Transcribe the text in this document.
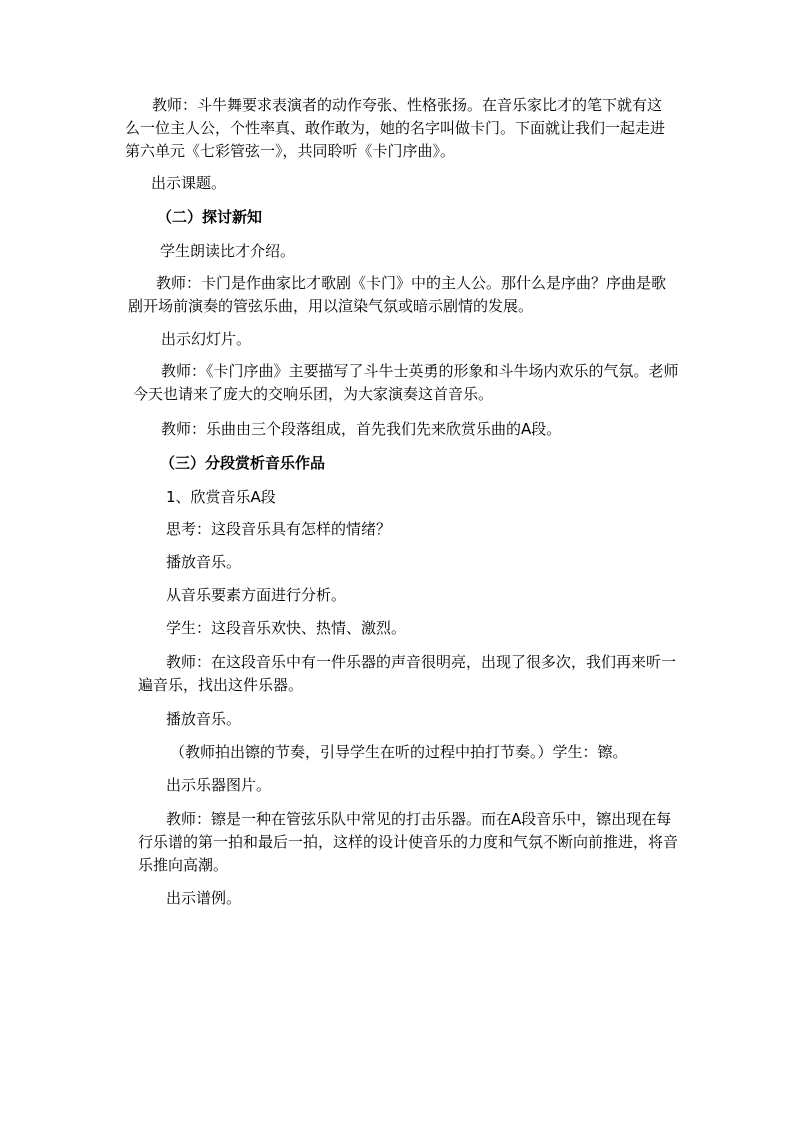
教师：斗牛舞要求表演者的动作夸张、性格张扬。在音乐家比才的笔下就有这么一位主人公，个性率真、敢作敢为，她的名字叫做卡门。下面就让我们一起走进第六单元《七彩管弦一》，共同聆听《卡门序曲》。

出示课题。

（二）探讨新知

学生朗读比才介绍。

教师：卡门是作曲家比才歌剧《卡门》中的主人公。那什么是序曲？序曲是歌剧开场前演奏的管弦乐曲，用以渲染气氛或暗示剧情的发展。

出示幻灯片。

教师：《卡门序曲》主要描写了斗牛士英勇的形象和斗牛场内欢乐的气氛。老师今天也请来了庞大的交响乐团，为大家演奏这首音乐。

教师：乐曲由三个段落组成，首先我们先来欣赏乐曲的A段。

（三）分段赏析音乐作品

1、欣赏音乐A段

思考：这段音乐具有怎样的情绪？

播放音乐。

从音乐要素方面进行分析。

学生：这段音乐欢快、热情、激烈。

教师：在这段音乐中有一件乐器的声音很明亮，出现了很多次，我们再来听一遍音乐，找出这件乐器。

播放音乐。

（教师拍出镲的节奏，引导学生在听的过程中拍打节奏。）学生：镲。

出示乐器图片。

教师：镲是一种在管弦乐队中常见的打击乐器。而在A段音乐中，镲出现在每行乐谱的第一拍和最后一拍，这样的设计使音乐的力度和气氛不断向前推进，将音乐推向高潮。

出示谱例。
